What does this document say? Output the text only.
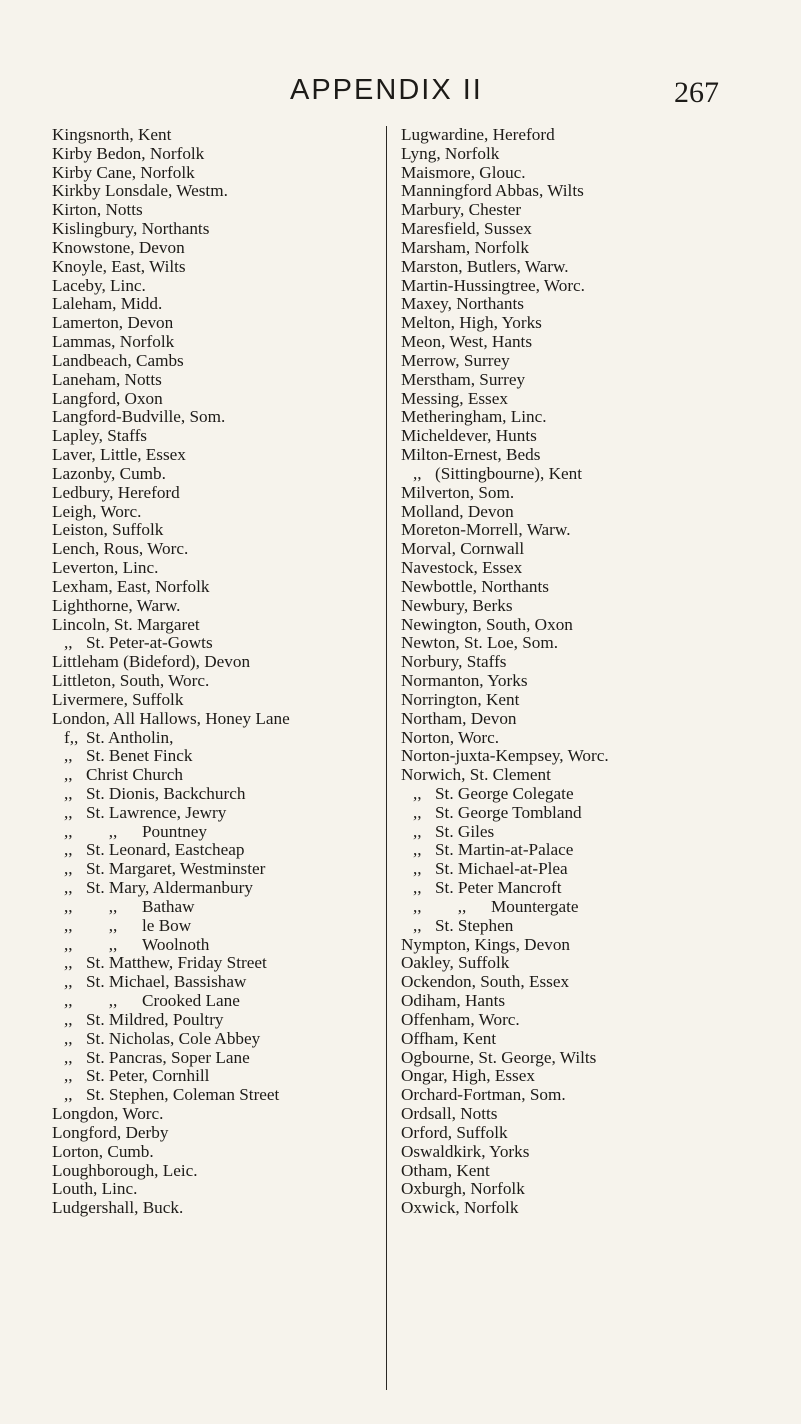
APPENDIX II	267
Kingsnorth, Kent
Kirby Bedon, Norfolk
Kirby Cane, Norfolk
Kirkby Lonsdale, Westm.
Kirton, Notts
Kislingbury, Northants
Knowstone, Devon
Knoyle, East, Wilts
Laceby, Linc.
Laleham, Midd.
Lamerton, Devon
Lammas, Norfolk
Landbeach, Cambs
Laneham, Notts
Langford, Oxon
Langford-Budville, Som.
Lapley, Staffs
Laver, Little, Essex
Lazonby, Cumb.
Ledbury, Hereford
Leigh, Worc.
Leiston, Suffolk
Lench, Rous, Worc.
Leverton, Linc.
Lexham, East, Norfolk
Lighthorne, Warw.
Lincoln, St. Margaret
,, St. Peter-at-Gowts
Littleham (Bideford), Devon
Littleton, South, Worc.
Livermere, Suffolk
London, All Hallows, Honey Lane
f,, St. Antholin,
,, St. Benet Finck
,, Christ Church
,, St. Dionis, Backchurch
,, St. Lawrence, Jewry
,, ,, Pountney
,, St. Leonard, Eastcheap
,, St. Margaret, Westminster
,, St. Mary, Aldermanbury
,, ,, Bathaw
,, ,, le Bow
,, ,, Woolnoth
,, St. Matthew, Friday Street
,, St. Michael, Bassishaw
,, ,, Crooked Lane
,, St. Mildred, Poultry
,, St. Nicholas, Cole Abbey
,, St. Pancras, Soper Lane
,, St. Peter, Cornhill
,, St. Stephen, Coleman Street
Longdon, Worc.
Longford, Derby
Lorton, Cumb.
Loughborough, Leic.
Louth, Linc.
Ludgershall, Buck.
Lugwardine, Hereford
Lyng, Norfolk
Maismore, Glouc.
Manningford Abbas, Wilts
Marbury, Chester
Maresfield, Sussex
Marsham, Norfolk
Marston, Butlers, Warw.
Martin-Hussingtree, Worc.
Maxey, Northants
Melton, High, Yorks
Meon, West, Hants
Merrow, Surrey
Merstham, Surrey
Messing, Essex
Metheringham, Linc.
Micheldever, Hunts
Milton-Ernest, Beds
,, (Sittingbourne), Kent
Milverton, Som.
Molland, Devon
Moreton-Morrell, Warw.
Morval, Cornwall
Navestock, Essex
Newbottle, Northants
Newbury, Berks
Newington, South, Oxon
Newton, St. Loe, Som.
Norbury, Staffs
Normanton, Yorks
Norrington, Kent
Northam, Devon
Norton, Worc.
Norton-juxta-Kempsey, Worc.
Norwich, St. Clement
,, St. George Colegate
,, St. George Tombland
,, St. Giles
,, St. Martin-at-Palace
,, St. Michael-at-Plea
,, St. Peter Mancroft
,, ,, Mountergate
,, St. Stephen
Nympton, Kings, Devon
Oakley, Suffolk
Ockendon, South, Essex
Odiham, Hants
Offenham, Worc.
Offham, Kent
Ogbourne, St. George, Wilts
Ongar, High, Essex
Orchard-Fortman, Som.
Ordsall, Notts
Orford, Suffolk
Oswaldkirk, Yorks
Otham, Kent
Oxburgh, Norfolk
Oxwick, Norfolk
